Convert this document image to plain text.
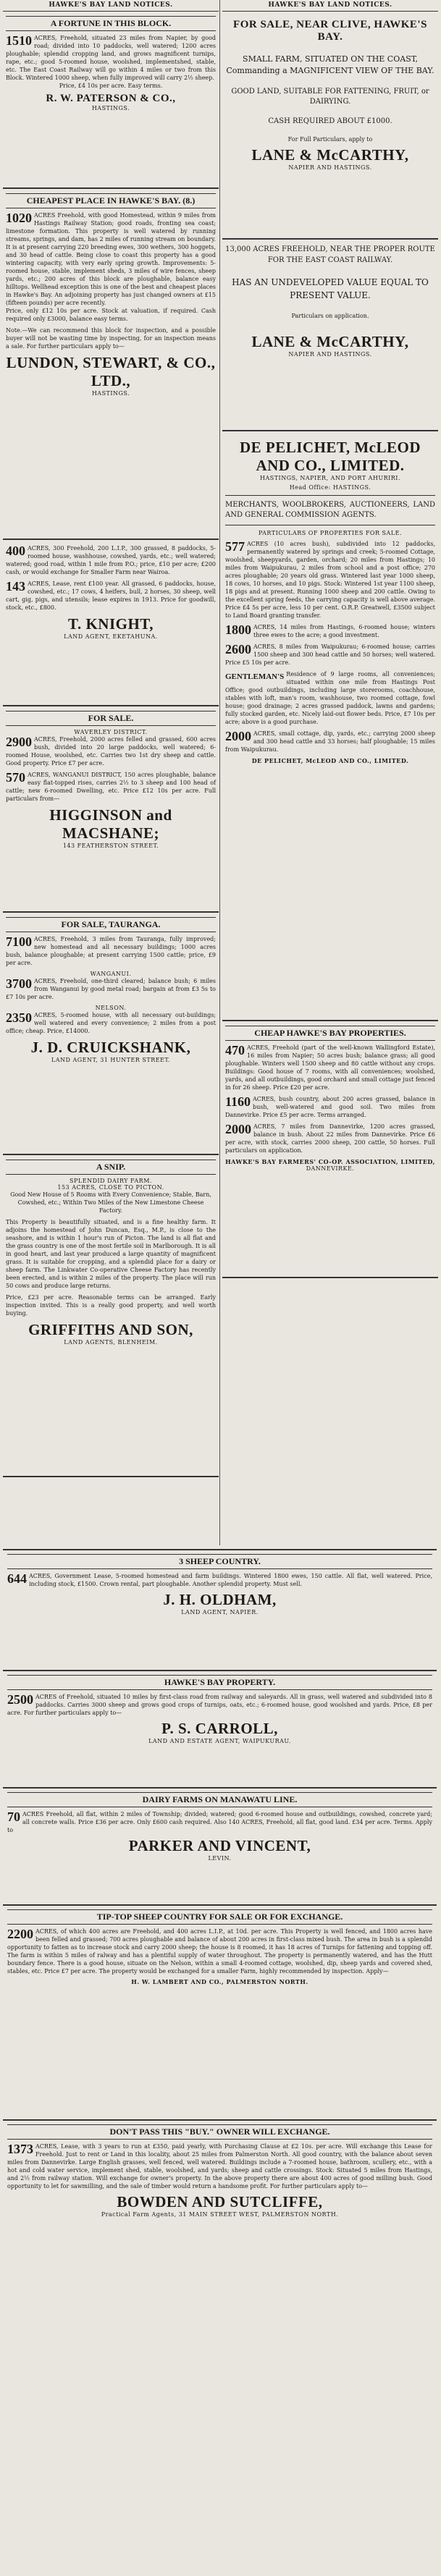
HAWKE'S BAY LAND NOTICES.
A FORTUNE IN THIS BLOCK.
1510 ACRES, Freehold, situated 23 miles from Napier, by good road; divided into 10 paddocks, well watered; 1200 acres ploughable; splendid cropping land, and grows magnificent turnips, rape, etc.; good 5-roomed house, woolshed, implementshed, stable, etc. The East Coast Railway will go within 4 miles or two from this Block. Wintered 1000 sheep, when fully improved will carry 2½ sheep.
Price, £4 10s per acre. Easy terms.
R. W. PATERSON & CO.,
HASTINGS.
CHEAPEST PLACE IN HAWKE'S BAY. (8.)
1020 ACRES Freehold, with good Homestead, within 9 miles from Hastings Railway Station; good roads, fronting sea coast; limestone formation. This property is well watered by running streams, springs, and dam, has 2 miles of running stream on boundary. It is at present carrying 220 breeding ewes, 300 wethers, 300 hoggets, and 30 head of cattle. Being close to coast this property has a good wintering capacity, with very early spring growth. Improvements: 5-roomed house, stable, implement sheds, 3 miles of wire fences, sheep yards, etc.; 200 acres of this block are ploughable, balance easy hilltops. Wellhead exception this is one of the best and cheapest places in Hawke's Bay. An adjoining property has just changed owners at £15 (fifteen pounds) per acre recently.
Price, only £12 10s per acre. Stock at valuation, if required. Cash required only £3000, balance easy terms.
Note.—We can recommend this block for inspection, and a possible buyer will not be wasting time by inspecting, for an inspection means a sale. For further particulars apply to—
LUNDON, STEWART, & CO., LTD.,
HASTINGS.
400 ACRES, 300 Freehold, 200 L.I.P., 300 grassed, 8 paddocks, 5-roomed house, washhouse, cowshed, yards, etc.; well watered; watered; good road, within 1 mile from P.O.; price, £10 per acre; £200 cash, or would exchange for Smaller Farm near Wairoa.
143 ACRES, Lease, rent £100 year. All grassed, 6 paddocks, house, cowshed, etc.; 17 cows, 4 heifers, bull, 2 horses, 30 sheep, well cart, gig, pigs, and utensils; lease expires in 1913. Price for goodwill, stock, etc., £800.
T. KNIGHT,
LAND AGENT, EKETAHUNA.
FOR SALE.
WAVERLEY DISTRICT.
2900 ACRES, Freehold, 2000 acres felled and grassed, 600 acres bush, divided into 20 large paddocks, well watered; 6-roomed House, woolshed, etc. Carries two 1st dry sheep and cattle. Good property. Price £7 per acre.
570 ACRES, WANGANUI DISTRICT, 150 acres ploughable, balance easy flat-topped rises, carries 2½ to 3 sheep and 100 head of cattle; new 6-roomed Dwelling, etc. Price £12 10s per acre. Full particulars from—
HIGGINSON and MACSHANE;
143 FEATHERSTON STREET.
FOR SALE, TAURANGA.
7100 ACRES, Freehold, 3 miles from Tauranga, fully improved; new homestead and all necessary buildings; 1000 acres bush, balance ploughable; at present carrying 1500 cattle; price, £9 per acre.
WANGANUI.
3700 ACRES, Freehold, one-third cleared; balance bush; 6 miles from Wanganui by good metal road; bargain at from £3 5s to £7 10s per acre.
NELSON.
2350 ACRES, 5-roomed house, with all necessary out-buildings; well watered and every convenience; 2 miles from a post office; cheap. Price, £14000.
J. D. CRUICKSHANK,
LAND AGENT, 31 HUNTER STREET.
A SNIP.
SPLENDID DAIRY FARM.
153 ACRES, CLOSE TO PICTON.
Good New House of 5 Rooms with Every Convenience; Stable, Barn, Cowshed, etc.; Within Two Miles of the New Limestone Cheese Factory.
This Property is beautifully situated, and is a fine healthy farm. It adjoins the homestead of John Duncan, Esq., M.P., is close to the seashore, and is within 1 hour's run of Picton. The land is all flat and the grass country is one of the most fertile soil in Marlborough. It is all in good heart, and last year produced a large quantity of magnificent grass. It is suitable for cropping, and a splendid place for a dairy or sheep farm. The Linkwater Co-operative Cheese Factory has recently been erected, and is within 2 miles of the property. The place will run 50 cows and produce large returns.
Price, £23 per acre. Reasonable terms can be arranged. Early inspection invited. This is a really good property, and well worth buying.
GRIFFITHS AND SON,
LAND AGENTS, BLENHEIM.
HAWKE'S BAY LAND NOTICES.
FOR SALE, NEAR CLIVE, HAWKE'S BAY.
SMALL FARM, SITUATED ON THE COAST, Commanding a MAGNIFICENT VIEW OF THE BAY.
GOOD LAND, SUITABLE FOR FATTENING, FRUIT, or DAIRYING.
CASH REQUIRED ABOUT £1000.
For Full Particulars, apply to
LANE & McCARTHY,
NAPIER AND HASTINGS.
13,000 ACRES FREEHOLD, NEAR THE PROPER ROUTE FOR THE EAST COAST RAILWAY.
HAS AN UNDEVELOPED VALUE EQUAL TO PRESENT VALUE.
Particulars on application.
LANE & McCARTHY,
NAPIER AND HASTINGS.
DE PELICHET, McLEOD AND CO., LIMITED.
HASTINGS, NAPIER, AND PORT AHURIRI.
Head Office: HASTINGS.
MERCHANTS, WOOLBROKERS, AUCTIONEERS, LAND AND GENERAL COMMISSION AGENTS.
PARTICULARS OF PROPERTIES FOR SALE.
577 ACRES (10 acres bush), subdivided into 12 paddocks, permanently watered by springs and creek; 5-roomed Cottage, woolshed, sheepyards, garden, orchard; 20 miles from Hastings; 10 miles from Waipukurau, 2 miles from school and a post office; 270 acres ploughable; 20 years old grass. Wintered last year 1000 sheep, 18 cows, 10 horses, and 10 pigs. Stock: Wintered 1st year 1100 sheep, 18 pigs and at present. Running 1000 sheep and 200 cattle. Owing to the excellent spring feeds, the carrying capacity is well above average. Price £4 5s per acre, less 10 per cent. O.R.P. Greatwell, £3500 subject to Land Board granting transfer.
1800 ACRES, 14 miles from Hastings, 6-roomed house; winters three ewes to the acre; a good investment.
2600 ACRES, 8 miles from Waipukurau; 6-roomed house; carries 1500 sheep and 300 head cattle and 50 horses; well watered. Price £5 10s per acre.
GENTLEMAN'S Residence of 9 large rooms, all conveniences; situated within one mile from Hastings Post Office; good outbuildings, including large storerooms, coachhouse, stables with loft, man's room, washhouse, two roomed cottage, fowl house; good drainage; 2 acres grassed paddock, lawns and gardens; fully stocked garden, etc. Nicely laid-out flower beds. Price, £7 10s per acre; above is a good purchase.
2000 ACRES, small cottage, dip, yards, etc.; carrying 2000 sheep and 300 head cattle and 33 horses; half ploughable; 15 miles from Waipukurau.
DE PELICHET, McLEOD AND CO., LIMITED.
CHEAP HAWKE'S BAY PROPERTIES.
470 ACRES, Freehold (part of the well-known Wallingford Estate), 16 miles from Napier; 50 acres bush; balance grass; all good ploughable. Winters well 1500 sheep and 80 cattle without any crops. Buildings: Good house of 7 rooms, with all conveniences; woolshed, yards, and all outbuildings, good orchard and small cottage just fenced in for 26 sheep. Price £20 per acre.
1160 ACRES, bush country, about 200 acres grassed, balance in bush, well-watered and good soil. Two miles from Dannevirke. Price £5 per acre. Terms arranged.
2000 ACRES, 7 miles from Dannevirke, 1200 acres grassed, balance in bush. About 22 miles from Dannevirke. Price £6 per acre, with stock, carries 2000 sheep, 200 cattle, 50 horses. Full particulars on application.
HAWKE'S BAY FARMERS' CO-OP. ASSOCIATION, LIMITED,
DANNEVIRKE.
3 SHEEP COUNTRY.
644 ACRES, Government Lease, 5-roomed homestead and farm buildings. Wintered 1800 ewes, 150 cattle. All flat, well watered. Price, including stock, £1500. Crown rental, part ploughable. Another splendid property. Must sell.
J. H. OLDHAM,
LAND AGENT, NAPIER.
HAWKE'S BAY PROPERTY.
2500 ACRES of Freehold, situated 10 miles by first-class road from railway and saleyards. All in grass, well watered and subdivided into 8 paddocks. Carries 3000 sheep and grows good crops of turnips, oats, etc.; 6-roomed house, good woolshed and yards. Price, £8 per acre. For further particulars apply to—
P. S. CARROLL,
LAND AND ESTATE AGENT, WAIPUKURAU.
DAIRY FARMS ON MANAWATU LINE.
70 ACRES Freehold, all flat, within 2 miles of Township; divided; watered; good 6-roomed house and outbuildings, cowshed, concrete yard; all concrete walls. Price £36 per acre. Only £600 cash required. Also 140 ACRES, Freehold, all flat, good land. £34 per acre. Terms. Apply to
PARKER AND VINCENT,
LEVIN.
TIP-TOP SHEEP COUNTRY FOR SALE OR FOR EXCHANGE.
2200 ACRES, of which 400 acres are Freehold, and 400 acres L.I.P., at 10d. per acre. This Property is well fenced, and 1800 acres have been felled and grassed; 700 acres ploughable and balance of about 200 acres in first-class mixed bush. The area in bush is a splendid opportunity to fatten as to increase stock and carry 2000 sheep; the house is 8 roomed, it has 18 acres of Turnips for fattening and topping off. The farm is within 5 miles of ralway and has a plentiful supply of water throughout. The property is permanently watered, and has the Hutt boundary fence. There is a good house, situate on the Nelson, within a small 4-roomed cottage, woolshed, dip, sheep yards and covered shed, stables, etc. Price £7 per acre. The property would be exchanged for a smaller Farm, highly recommended by inspection. Apply—
H. W. LAMBERT AND CO., PALMERSTON NORTH.
DON'T PASS THIS "BUY." OWNER WILL EXCHANGE.
1373 ACRES, Lease, with 3 years to run at £350, paid yearly, with Purchasing Clause at £2 10s. per acre. Will exchange this Lease for Freehold. Just to rent or Land in this locality, about 25 miles from Palmerston North. All good country, with the balance about seven miles from Dannevirke. Large English grasses, well fenced, well watered. Buildings include a 7-roomed house, bathroom, scullery, etc., with a hot and cold water service, implement shed, stable, woolshed, and yards; sheep and cattle crossings. Stock: Situated 5 miles from Hastings, and 2½ from railway station. Will exchange for owner's property. In the above property there are about 400 acres of good milling bush. Good opportunity to let for sawmilling, and the sale of timber would return a handsome profit. For further particulars apply to—
BOWDEN AND SUTCLIFFE,
Practical Farm Agents, 31 MAIN STREET WEST, PALMERSTON NORTH.
